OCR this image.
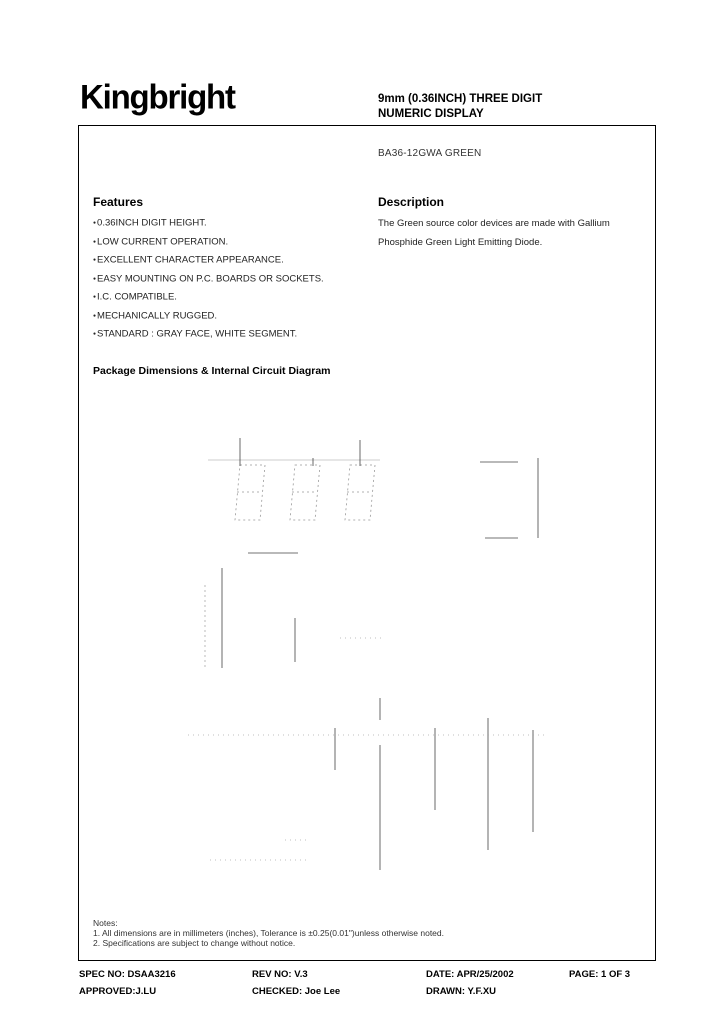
Kingbright	9mm (0.36INCH) THREE DIGIT
NUMERIC DISPLAY
BA36-12GWA GREEN
Features
● 0.36INCH DIGIT HEIGHT.
● LOW CURRENT OPERATION.
● EXCELLENT CHARACTER APPEARANCE.
● EASY MOUNTING ON P.C. BOARDS OR SOCKETS.
● I.C. COMPATIBLE.
● MECHANICALLY RUGGED.
● STANDARD : GRAY FACE, WHITE SEGMENT.
Description
The Green source color devices are made with Gallium
Phosphide Green Light Emitting Diode.
Package Dimensions & Internal Circuit Diagram
Notes:
1. All dimensions are in millimeters (inches), Tolerance is ±0.25(0.01")unless otherwise noted.
2. Specifications are subject to change without notice.
SPEC NO: DSAA3216	REV NO: V.3	DATE: APR/25/2002	PAGE: 1 OF 3
APPROVED:J.LU	CHECKED: Joe Lee	DRAWN: Y.F.XU
